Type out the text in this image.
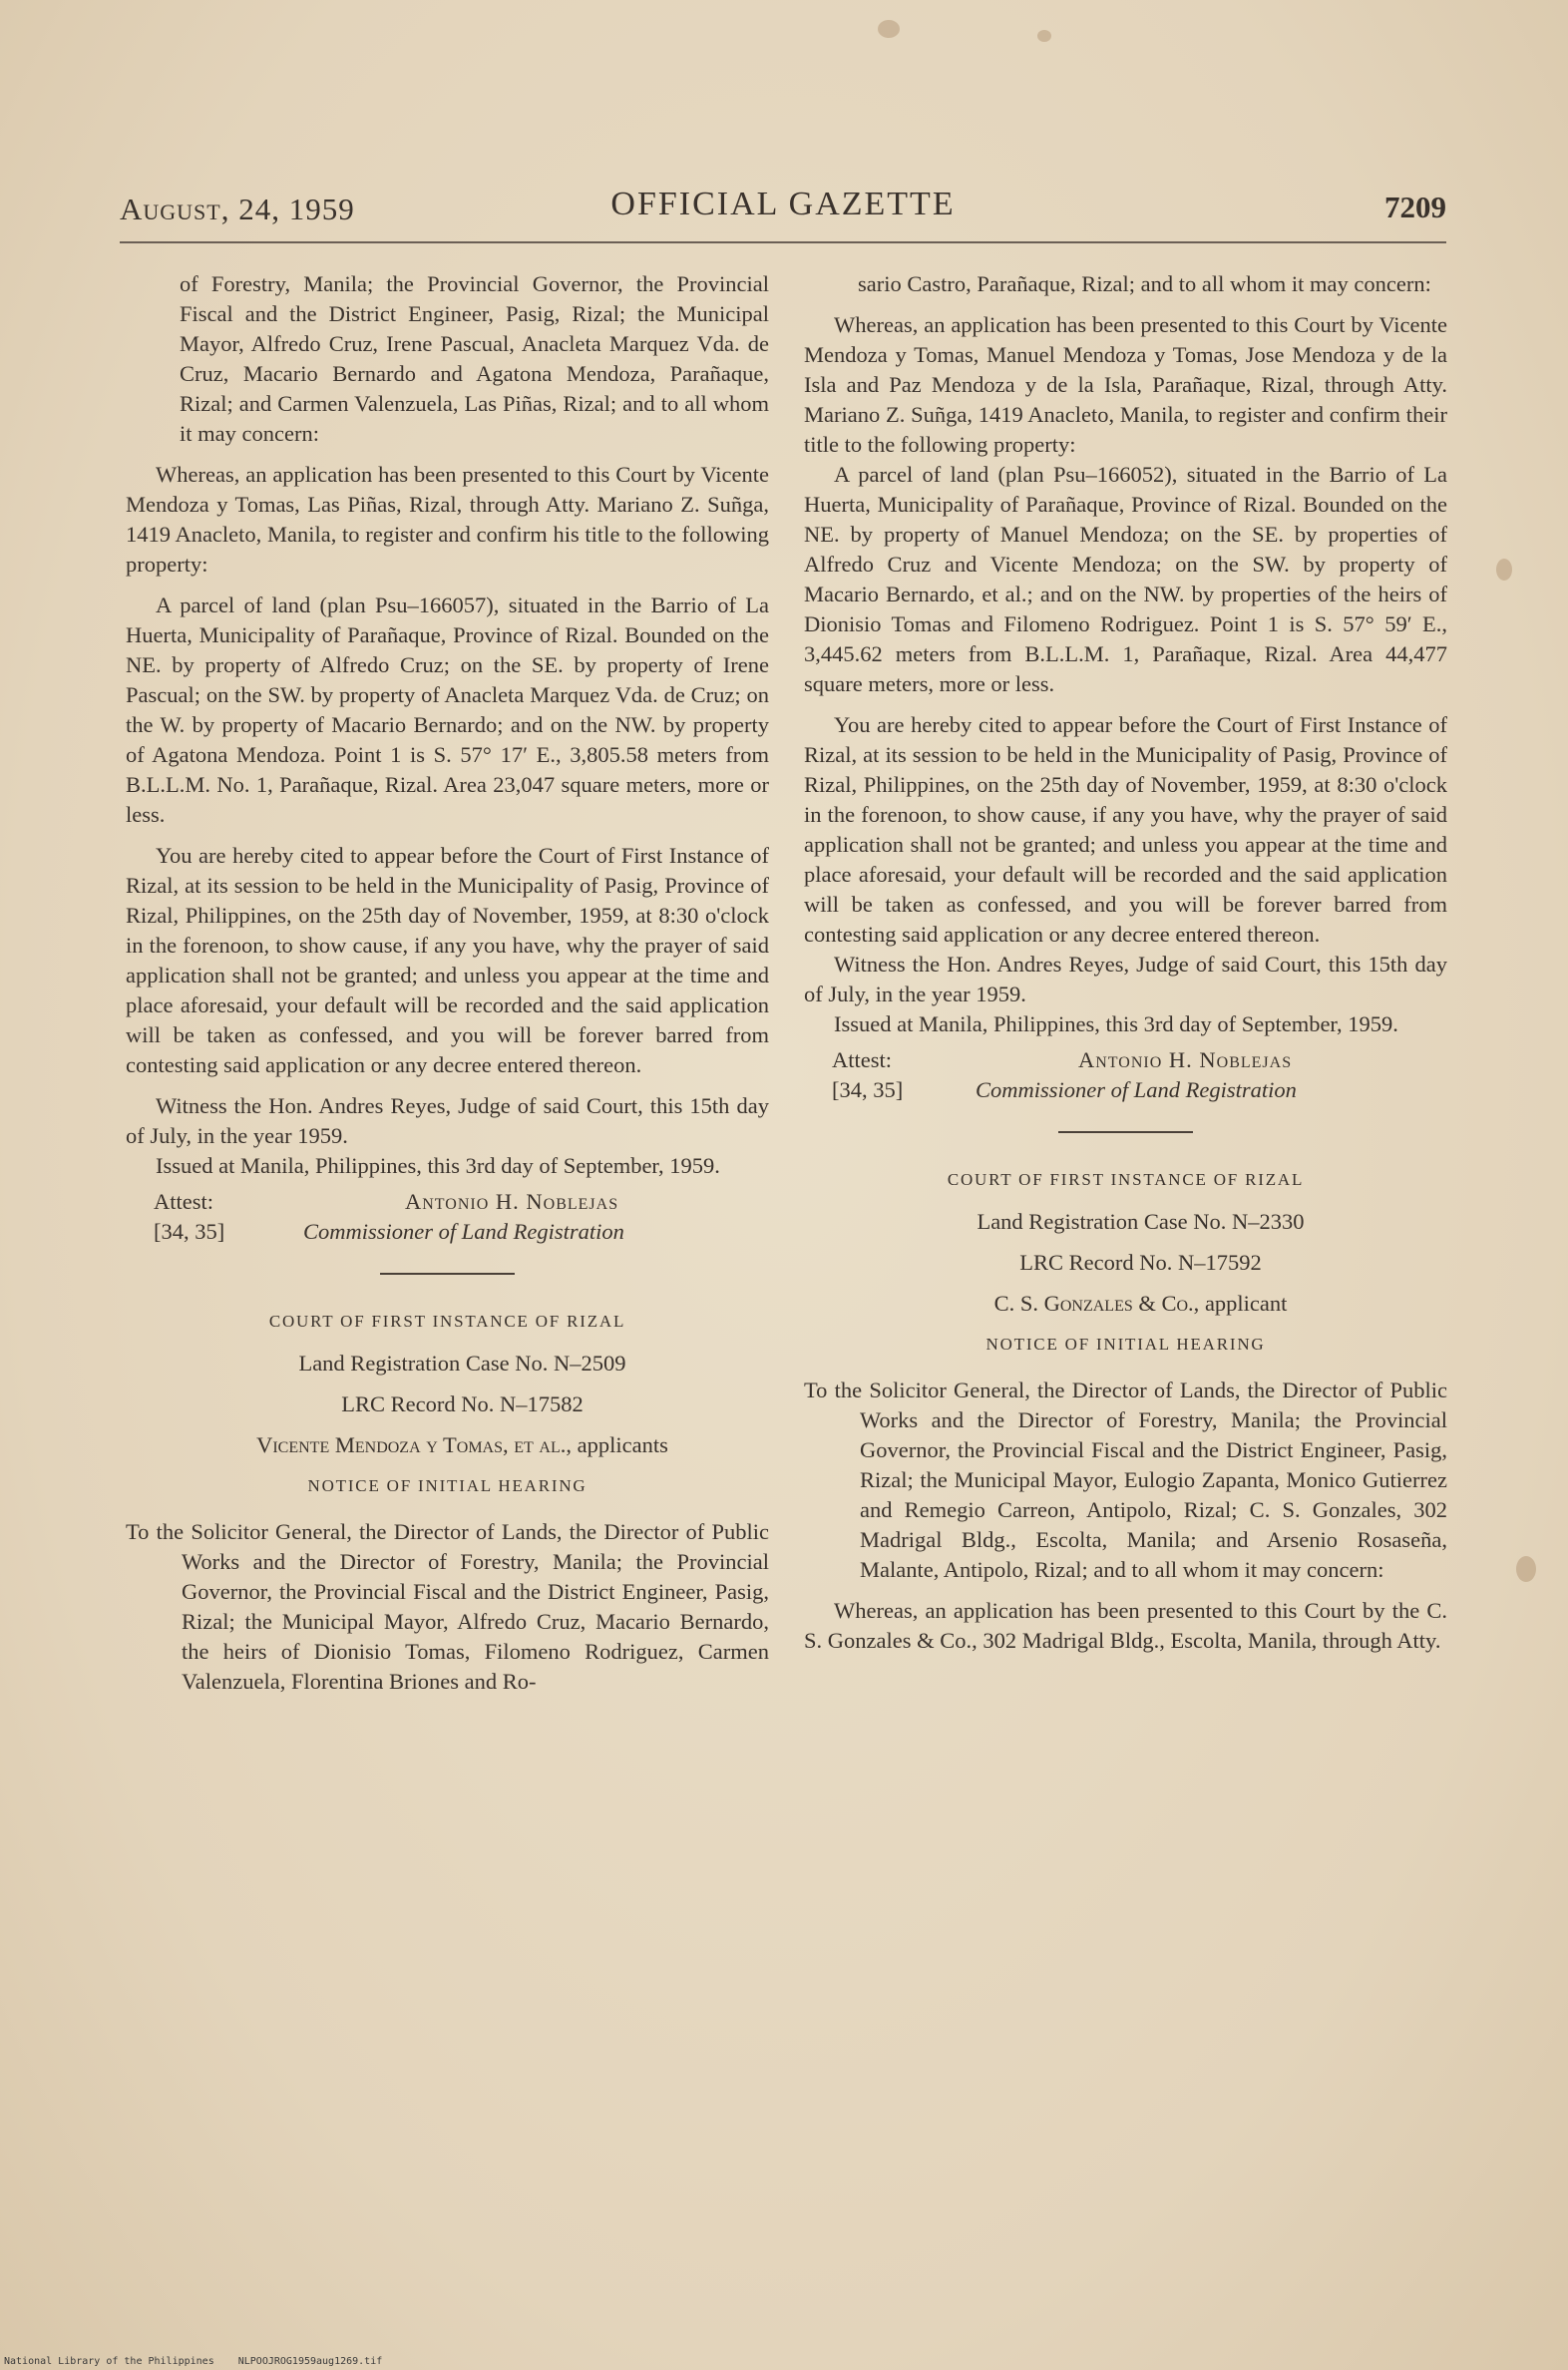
August, 24, 1959	OFFICIAL GAZETTE	7209

of Forestry, Manila; the Provincial Governor, the Provincial Fiscal and the District Engineer, Pasig, Rizal; the Municipal Mayor, Alfredo Cruz, Irene Pascual, Anacleta Marquez Vda. de Cruz, Macario Bernardo and Agatona Mendoza, Parañaque, Rizal; and Carmen Valenzuela, Las Piñas, Rizal; and to all whom it may concern:

Whereas, an application has been presented to this Court by Vicente Mendoza y Tomas, Las Piñas, Rizal, through Atty. Mariano Z. Suñga, 1419 Anacleto, Manila, to register and confirm his title to the following property:

A parcel of land (plan Psu–166057), situated in the Barrio of La Huerta, Municipality of Parañaque, Province of Rizal. Bounded on the NE. by property of Alfredo Cruz; on the SE. by property of Irene Pascual; on the SW. by property of Anacleta Marquez Vda. de Cruz; on the W. by property of Macario Bernardo; and on the NW. by property of Agatona Mendoza. Point 1 is S. 57° 17′ E., 3,805.58 meters from B.L.L.M. No. 1, Parañaque, Rizal. Area 23,047 square meters, more or less.

You are hereby cited to appear before the Court of First Instance of Rizal, at its session to be held in the Municipality of Pasig, Province of Rizal, Philippines, on the 25th day of November, 1959, at 8:30 o'clock in the forenoon, to show cause, if any you have, why the prayer of said application shall not be granted; and unless you appear at the time and place aforesaid, your default will be recorded and the said application will be taken as confessed, and you will be forever barred from contesting said application or any decree entered thereon.

Witness the Hon. Andres Reyes, Judge of said Court, this 15th day of July, in the year 1959.

Issued at Manila, Philippines, this 3rd day of September, 1959.

Attest:	Antonio H. Noblejas
[34, 35]	Commissioner of Land Registration
COURT OF FIRST INSTANCE OF RIZAL

Land Registration Case No. N–2509

LRC Record No. N–17582

Vicente Mendoza y Tomas, et al., applicants

NOTICE OF INITIAL HEARING

To the Solicitor General, the Director of Lands, the Director of Public Works and the Director of Forestry, Manila; the Provincial Governor, the Provincial Fiscal and the District Engineer, Pasig, Rizal; the Municipal Mayor, Alfredo Cruz, Macario Bernardo, the heirs of Dionisio Tomas, Filomeno Rodriguez, Carmen Valenzuela, Florentina Briones and Ro-

sario Castro, Parañaque, Rizal; and to all whom it may concern:

Whereas, an application has been presented to this Court by Vicente Mendoza y Tomas, Manuel Mendoza y Tomas, Jose Mendoza y de la Isla and Paz Mendoza y de la Isla, Parañaque, Rizal, through Atty. Mariano Z. Suñga, 1419 Anacleto, Manila, to register and confirm their title to the following property:

A parcel of land (plan Psu–166052), situated in the Barrio of La Huerta, Municipality of Parañaque, Province of Rizal. Bounded on the NE. by property of Manuel Mendoza; on the SE. by properties of Alfredo Cruz and Vicente Mendoza; on the SW. by property of Macario Bernardo, et al.; and on the NW. by properties of the heirs of Dionisio Tomas and Filomeno Rodriguez. Point 1 is S. 57° 59′ E., 3,445.62 meters from B.L.L.M. 1, Parañaque, Rizal. Area 44,477 square meters, more or less.

You are hereby cited to appear before the Court of First Instance of Rizal, at its session to be held in the Municipality of Pasig, Province of Rizal, Philippines, on the 25th day of November, 1959, at 8:30 o'clock in the forenoon, to show cause, if any you have, why the prayer of said application shall not be granted; and unless you appear at the time and place aforesaid, your default will be recorded and the said application will be taken as confessed, and you will be forever barred from contesting said application or any decree entered thereon.

Witness the Hon. Andres Reyes, Judge of said Court, this 15th day of July, in the year 1959.

Issued at Manila, Philippines, this 3rd day of September, 1959.

Attest:	Antonio H. Noblejas
[34, 35]	Commissioner of Land Registration
COURT OF FIRST INSTANCE OF RIZAL

Land Registration Case No. N–2330

LRC Record No. N–17592

C. S. Gonzales & Co., applicant

NOTICE OF INITIAL HEARING

To the Solicitor General, the Director of Lands, the Director of Public Works and the Director of Forestry, Manila; the Provincial Governor, the Provincial Fiscal and the District Engineer, Pasig, Rizal; the Municipal Mayor, Eulogio Zapanta, Monico Gutierrez and Remegio Carreon, Antipolo, Rizal; C. S. Gonzales, 302 Madrigal Bldg., Escolta, Manila; and Arsenio Rosaseña, Malante, Antipolo, Rizal; and to all whom it may concern:

Whereas, an application has been presented to this Court by the C. S. Gonzales & Co., 302 Madrigal Bldg., Escolta, Manila, through Atty.

National Library of the Philippines NLPOOJROG1959aug1269.tif
